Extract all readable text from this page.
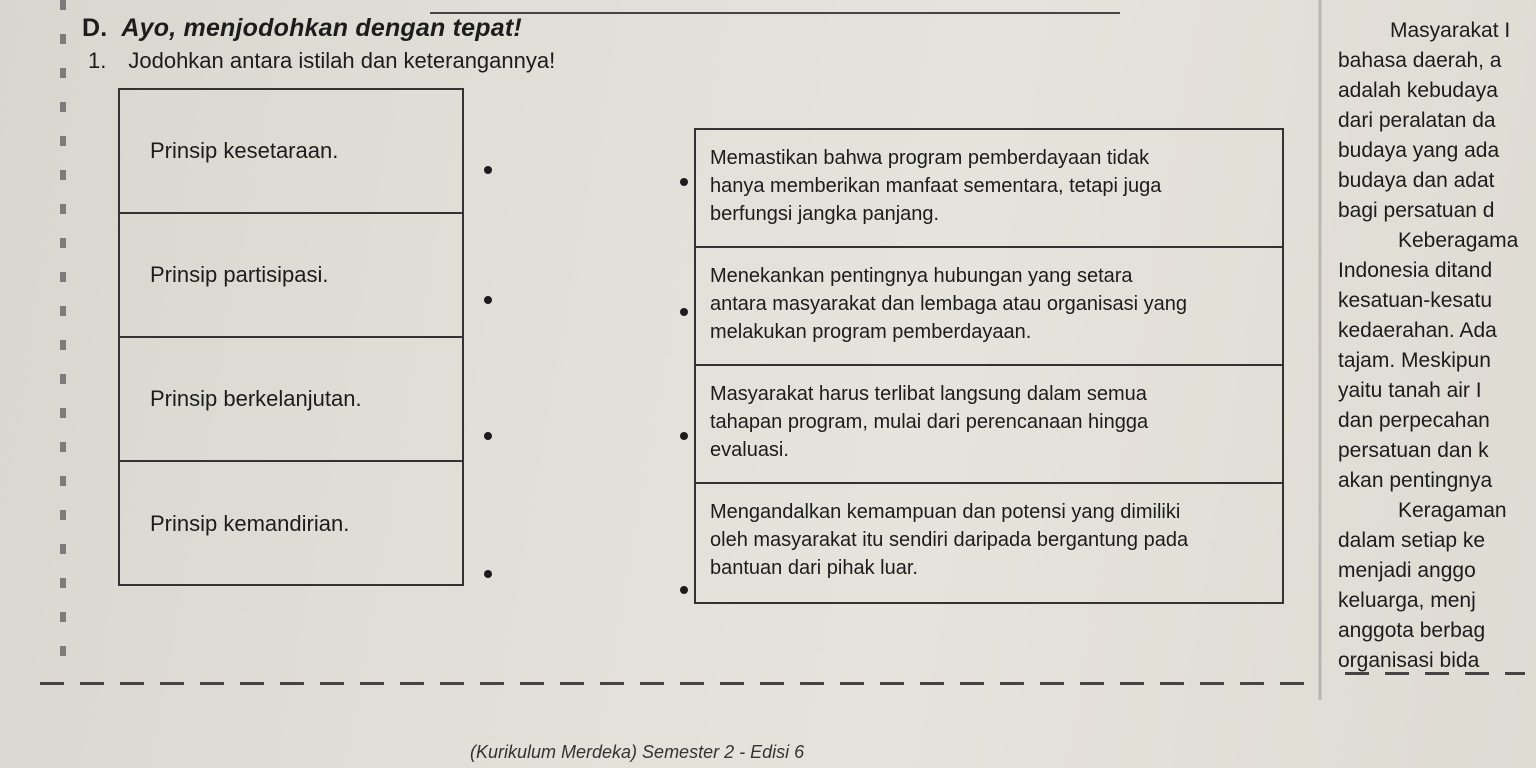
D. Ayo, menjodohkan dengan tepat!
1. Jodohkan antara istilah dan keterangannya!
Prinsip kesetaraan.
Prinsip partisipasi.
Prinsip berkelanjutan.
Prinsip kemandirian.
Memastikan bahwa program pemberdayaan tidak
hanya memberikan manfaat sementara, tetapi juga
berfungsi jangka panjang.
Menekankan pentingnya hubungan yang setara
antara masyarakat dan lembaga atau organisasi yang
melakukan program pemberdayaan.
Masyarakat harus terlibat langsung dalam semua
tahapan program, mulai dari perencanaan hingga
evaluasi.
Mengandalkan kemampuan dan potensi yang dimiliki
oleh masyarakat itu sendiri daripada bergantung pada
bantuan dari pihak luar.
Masyarakat I
bahasa daerah, a
adalah kebudaya
dari peralatan da
budaya yang ada
budaya dan adat
bagi persatuan d
Keberagama
Indonesia ditand
kesatuan-kesatu
kedaerahan. Ada
tajam. Meskipun
yaitu tanah air I
dan perpecahan
persatuan dan k
akan pentingnya
Keragaman
dalam setiap ke
menjadi anggo
keluarga, menj
anggota berbag
organisasi bida
(Kurikulum Merdeka) Semester 2 - Edisi 6
